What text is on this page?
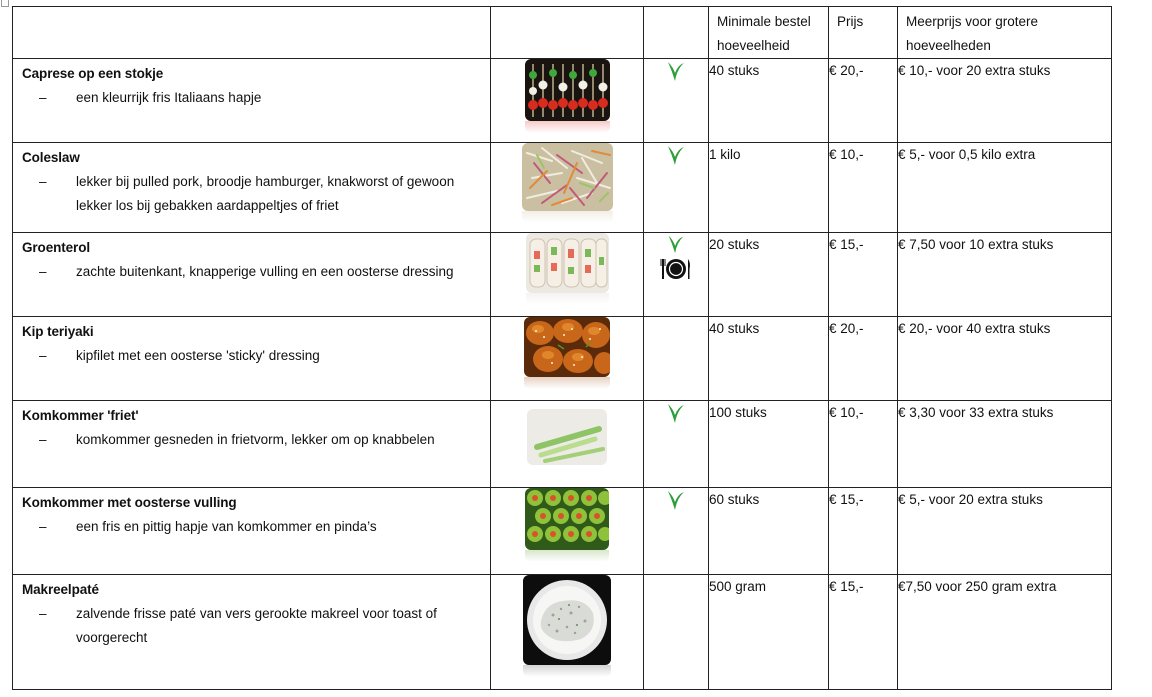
			Minimale bestel hoeveelheid	Prijs	Meerprijs voor grotere hoeveelheden

Caprese op een stokje
– een kleurrijk fris Italiaans hapje			40 stuks	€ 20,-	€ 10,- voor 20 extra stuks

Coleslaw
– lekker bij pulled pork, broodje hamburger, knakworst of gewoon lekker los bij gebakken aardappeltjes of friet			1 kilo	€ 10,-	€ 5,- voor 0,5 kilo extra

Groenterol
– zachte buitenkant, knapperige vulling en een oosterse dressing			20 stuks	€ 15,-	€ 7,50 voor 10 extra stuks

Kip teriyaki
– kipfilet met een oosterse 'sticky' dressing			40 stuks	€ 20,-	€ 20,- voor 40 extra stuks

Komkommer 'friet'
– komkommer gesneden in frietvorm, lekker om op knabbelen			100 stuks	€ 10,-	€ 3,30 voor 33 extra stuks

Komkommer met oosterse vulling
– een fris en pittig hapje van komkommer en pinda’s			60 stuks	€ 15,-	€ 5,- voor 20 extra stuks

Makreelpaté
– zalvende frisse paté van vers gerookte makreel voor toast of voorgerecht			500 gram	€ 15,-	€7,50 voor 250 gram extra
